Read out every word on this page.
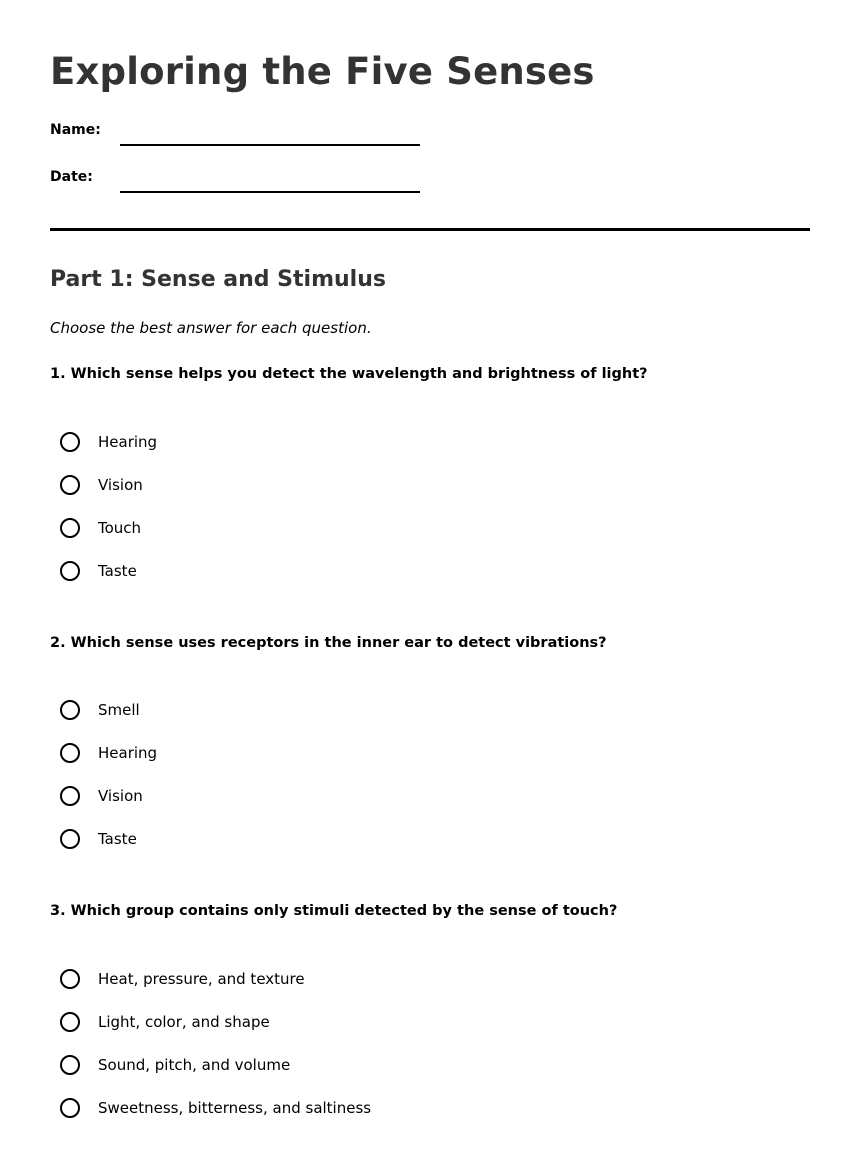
Exploring the Five Senses
Name:
Date:
Part 1: Sense and Stimulus
Choose the best answer for each question.
1. Which sense helps you detect the wavelength and brightness of light?
Hearing
Vision
Touch
Taste
2. Which sense uses receptors in the inner ear to detect vibrations?
Smell
Hearing
Vision
Taste
3. Which group contains only stimuli detected by the sense of touch?
Heat, pressure, and texture
Light, color, and shape
Sound, pitch, and volume
Sweetness, bitterness, and saltiness
